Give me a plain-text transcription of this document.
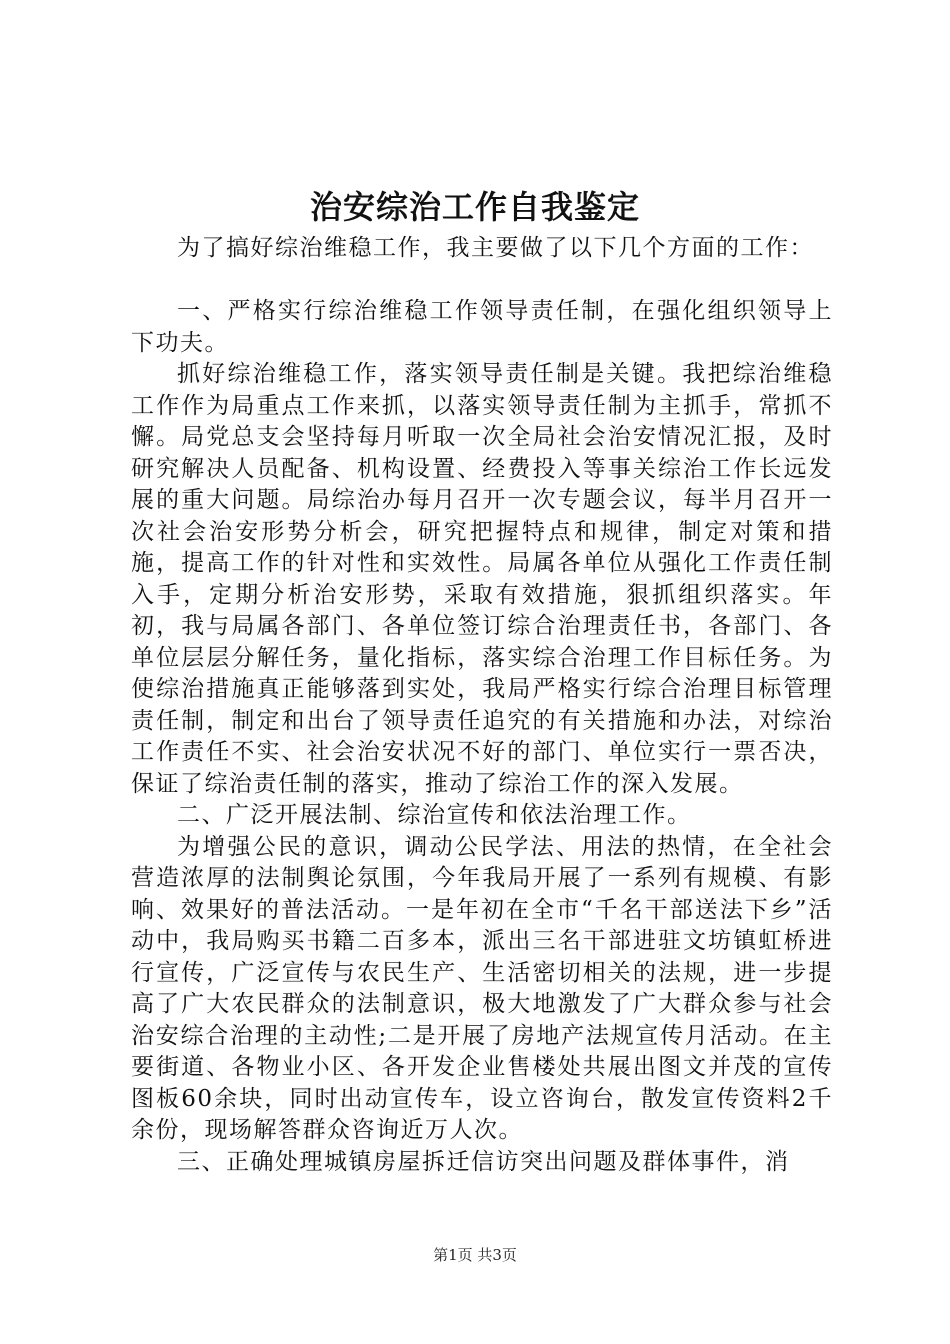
治安综治工作自我鉴定

为了搞好综治维稳工作，我主要做了以下几个方面的工作：

一、严格实行综治维稳工作领导责任制，在强化组织领导上下功夫。

抓好综治维稳工作，落实领导责任制是关键。我把综治维稳工作作为局重点工作来抓，以落实领导责任制为主抓手，常抓不懈。局党总支会坚持每月听取一次全局社会治安情况汇报，及时研究解决人员配备、机构设置、经费投入等事关综治工作长远发展的重大问题。局综治办每月召开一次专题会议，每半月召开一次社会治安形势分析会，研究把握特点和规律，制定对策和措施，提高工作的针对性和实效性。局属各单位从强化工作责任制入手，定期分析治安形势，采取有效措施，狠抓组织落实。年初，我与局属各部门、各单位签订综合治理责任书，各部门、各单位层层分解任务，量化指标，落实综合治理工作目标任务。为使综治措施真正能够落到实处，我局严格实行综合治理目标管理责任制，制定和出台了领导责任追究的有关措施和办法，对综治工作责任不实、社会治安状况不好的部门、单位实行一票否决，保证了综治责任制的落实，推动了综治工作的深入发展。

二、广泛开展法制、综治宣传和依法治理工作。

为增强公民的意识，调动公民学法、用法的热情，在全社会营造浓厚的法制舆论氛围，今年我局开展了一系列有规模、有影响、效果好的普法活动。一是年初在全市“千名干部送法下乡”活动中，我局购买书籍二百多本，派出三名干部进驻文坊镇虹桥进行宣传，广泛宣传与农民生产、生活密切相关的法规，进一步提高了广大农民群众的法制意识，极大地激发了广大群众参与社会治安综合治理的主动性;二是开展了房地产法规宣传月活动。在主要街道、各物业小区、各开发企业售楼处共展出图文并茂的宣传图板60余块，同时出动宣传车，设立咨询台，散发宣传资料2千余份，现场解答群众咨询近万人次。

三、正确处理城镇房屋拆迁信访突出问题及群体事件，消

第1页 共3页
